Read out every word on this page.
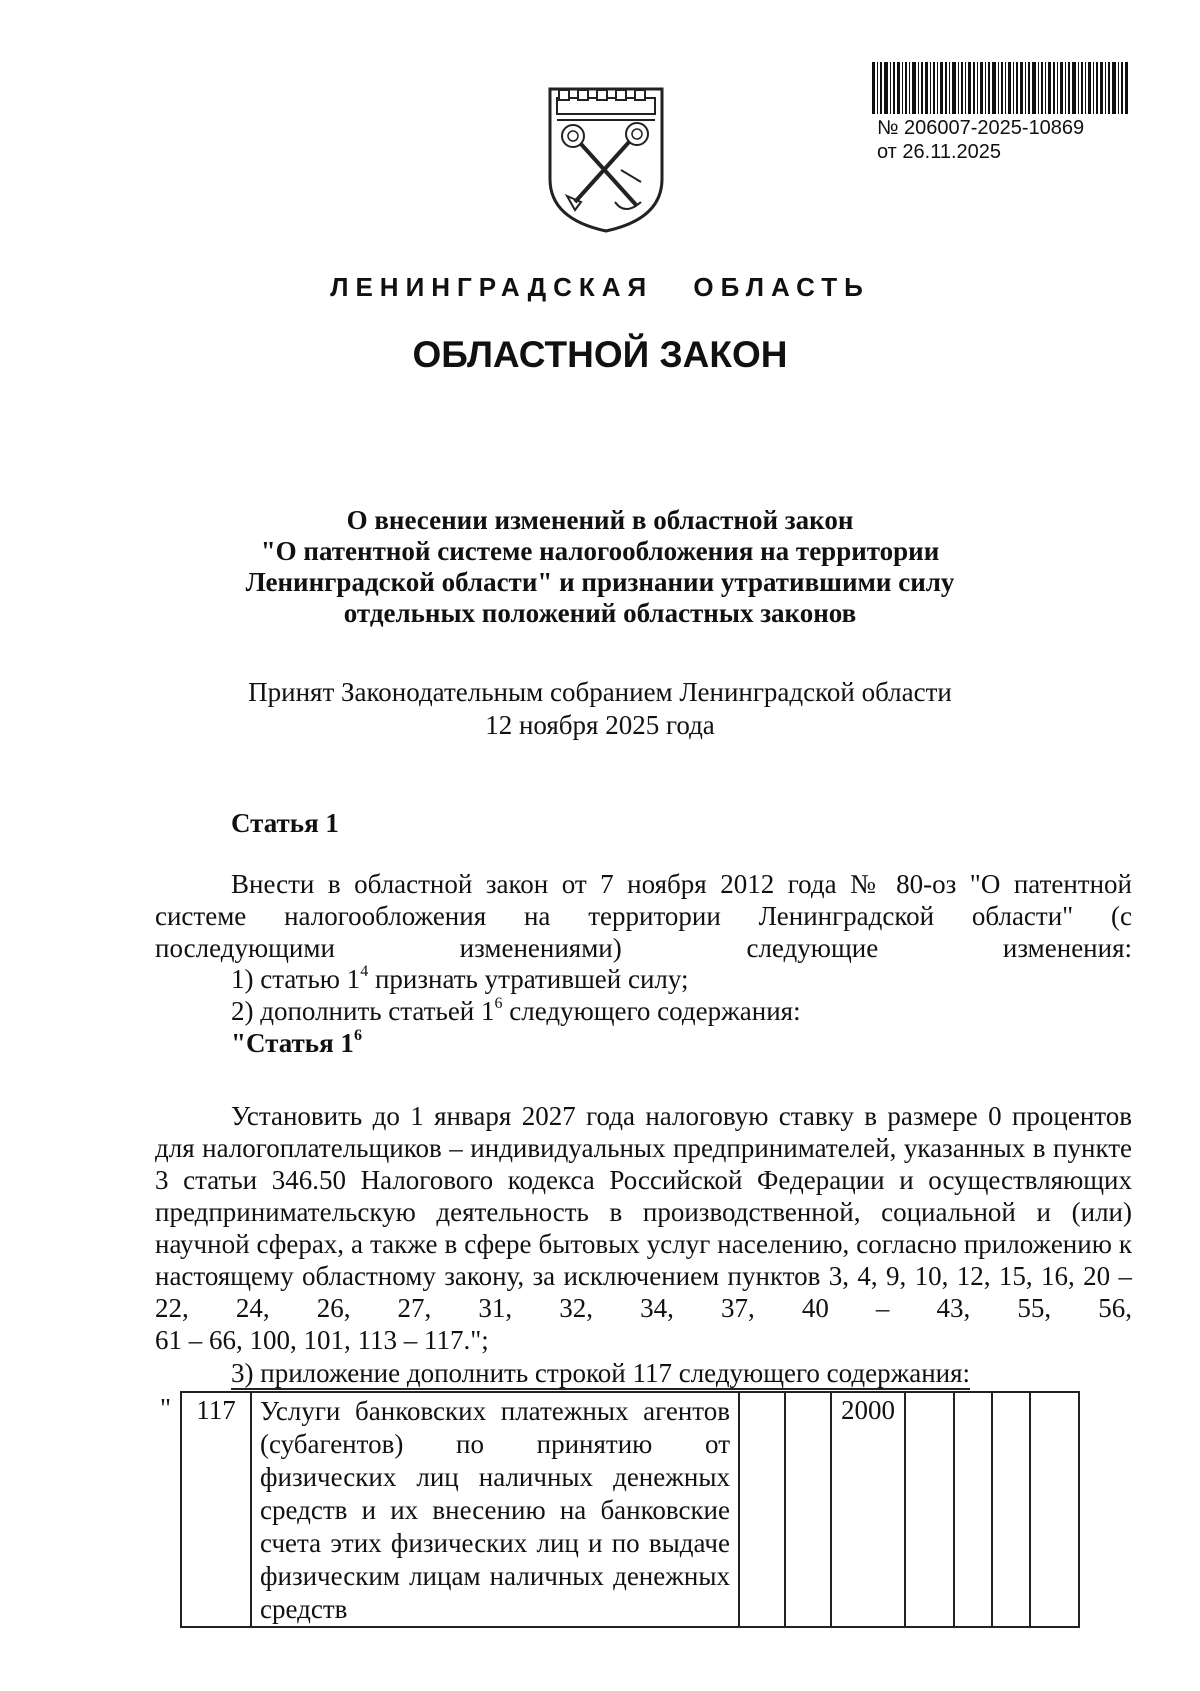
№ 206007-2025-10869
от 26.11.2025
ЛЕНИНГРАДСКАЯ ОБЛАСТЬ
ОБЛАСТНОЙ ЗАКОН
О внесении изменений в областной закон
"О патентной системе налогообложения на территории
Ленинградской области" и признании утратившими силу
отдельных положений областных законов
Принят Законодательным собранием Ленинградской области
12 ноября 2025 года
Статья 1
Внести в областной закон от 7 ноября 2012 года № 80-оз "О патентной системе налогообложения на территории Ленинградской области" (с последующими изменениями) следующие изменения:
1) статью $1^4$ признать утратившей силу;
2) дополнить статьей $1^6$ следующего содержания:
"Статья $1^6$
Установить до 1 января 2027 года налоговую ставку в размере 0 процентов для налогоплательщиков – индивидуальных предпринимателей, указанных в пункте 3 статьи 346.50 Налогового кодекса Российской Федерации и осуществляющих предпринимательскую деятельность в производственной, социальной и (или) научной сферах, а также в сфере бытовых услуг населению, согласно приложению к настоящему областному закону, за исключением пунктов 3, 4, 9, 10, 12, 15, 16, 20 – 22, 24, 26, 27, 31, 32, 34, 37, 40 – 43, 55, 56,
61 – 66, 100, 101, 113 – 117.";
3) приложение дополнить строкой 117 следующего содержания:
" 117	Услуги банковских платежных агентов (субагентов) по принятию от физических лиц наличных денежных средств и их внесению на банковские счета этих физических лиц и по выдаче физическим лицам наличных денежных средств			2000				
